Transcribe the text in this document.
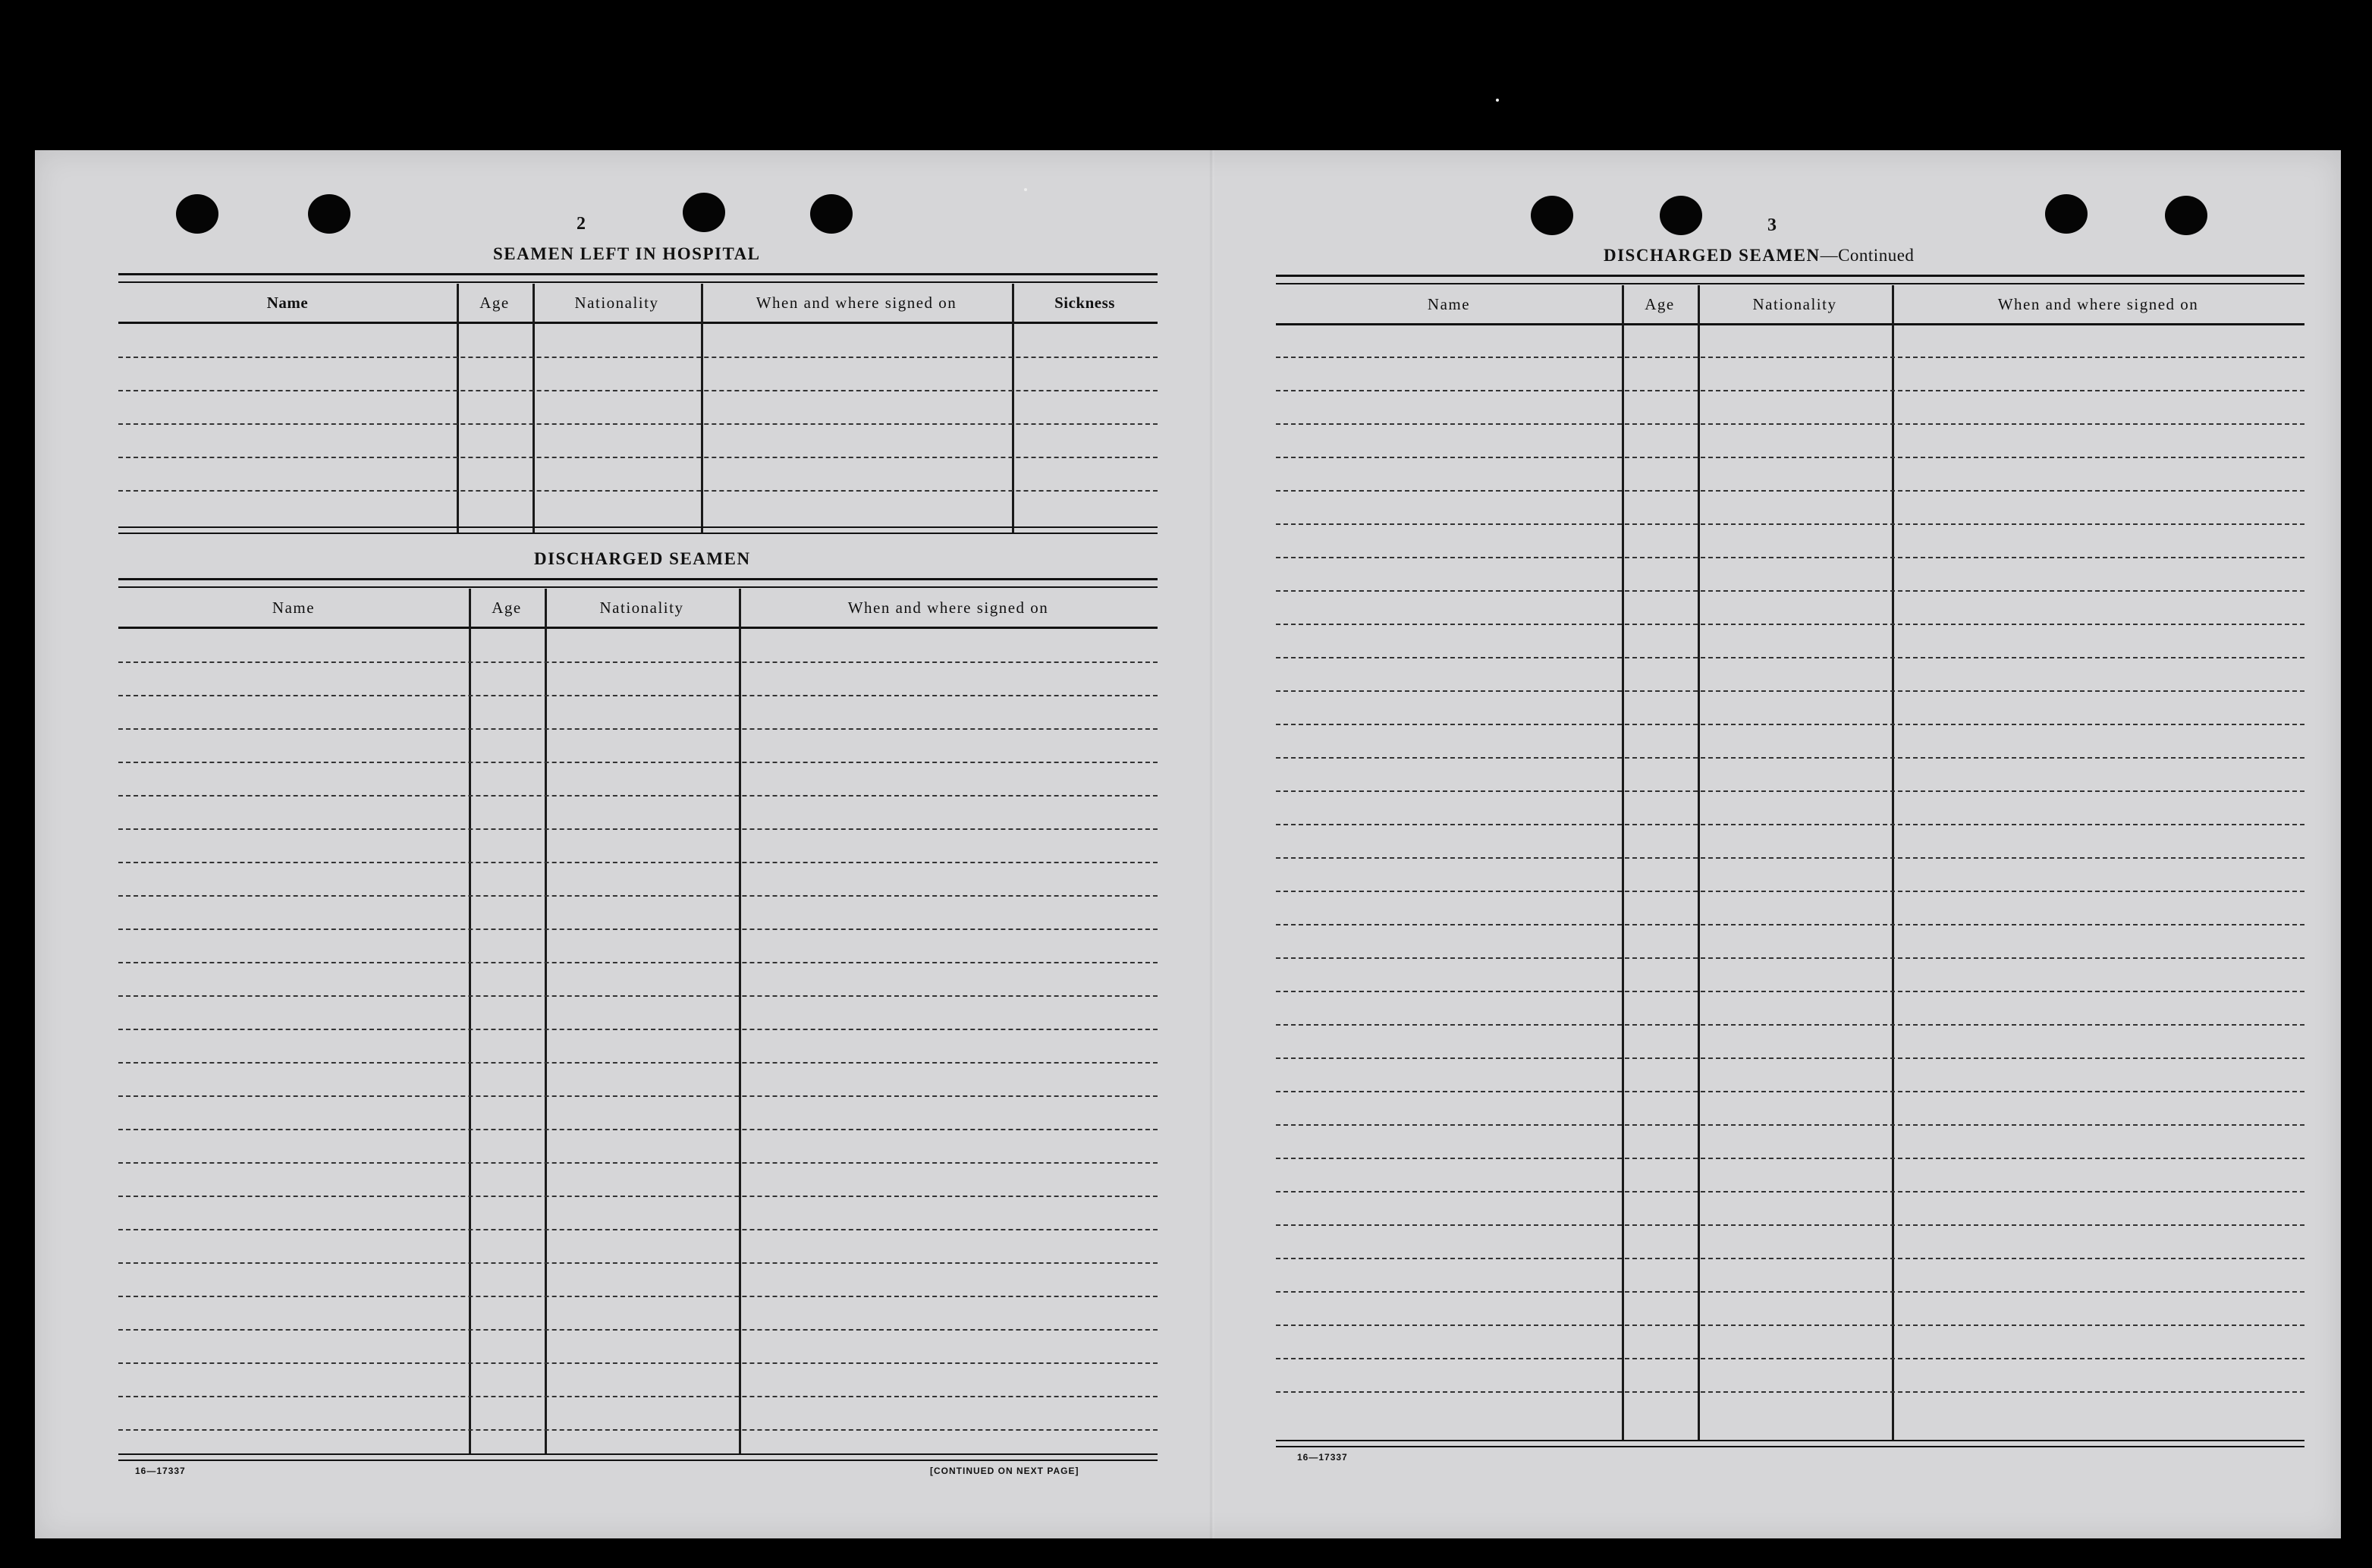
2
SEAMEN LEFT IN HOSPITAL
Name	Age	Nationality	When and where signed on	Sickness
DISCHARGED SEAMEN
Name	Age	Nationality	When and where signed on
16—17337	[CONTINUED ON NEXT PAGE]
3
DISCHARGED SEAMEN—Continued
Name	Age	Nationality	When and where signed on
16—17337
